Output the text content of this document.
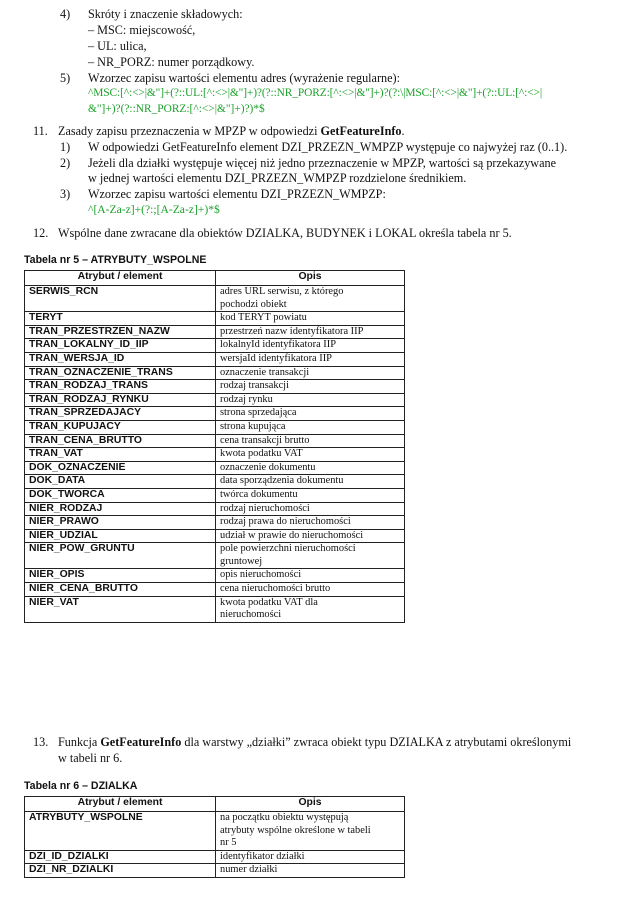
4) Skróty i znaczenie składowych:
– MSC: miejscowość,
– UL: ulica,
– NR_PORZ: numer porządkowy.
5) Wzorzec zapisu wartości elementu adres (wyrażenie regularne):
^MSC:[^:<>|&"]+(?::UL:[^:<>|&"]+)?(?::NR_PORZ:[^:<>|&"]+)?(?:\|MSC:[^:<>|&"]+(?::UL:[^:<>|
&"]+)?(?::NR_PORZ:[^:<>|&"]+)?)*$
11. Zasady zapisu przeznaczenia w MPZP w odpowiedzi GetFeatureInfo.
1) W odpowiedzi GetFeatureInfo element DZI_PRZEZN_WMPZP występuje co najwyżej raz (0..1).
2) Jeżeli dla działki występuje więcej niż jedno przeznaczenie w MPZP, wartości są przekazywane
w jednej wartości elementu DZI_PRZEZN_WMPZP rozdzielone średnikiem.
3) Wzorzec zapisu wartości elementu DZI_PRZEZN_WMPZP:
^[A-Za-z]+(?:;[A-Za-z]+)*$
12. Wspólne dane zwracane dla obiektów DZIALKA, BUDYNEK i LOKAL określa tabela nr 5.
Tabela nr 5 – ATRYBUTY_WSPOLNE
Atrybut / element	Opis
SERWIS_RCN	adres URL serwisu, z którego
pochodzi obiekt
TERYT	kod TERYT powiatu
TRAN_PRZESTRZEN_NAZW	przestrzeń nazw identyfikatora IIP
TRAN_LOKALNY_ID_IIP	lokalnyId identyfikatora IIP
TRAN_WERSJA_ID	wersjaId identyfikatora IIP
TRAN_OZNACZENIE_TRANS	oznaczenie transakcji
TRAN_RODZAJ_TRANS	rodzaj transakcji
TRAN_RODZAJ_RYNKU	rodzaj rynku
TRAN_SPRZEDAJACY	strona sprzedająca
TRAN_KUPUJACY	strona kupująca
TRAN_CENA_BRUTTO	cena transakcji brutto
TRAN_VAT	kwota podatku VAT
DOK_OZNACZENIE	oznaczenie dokumentu
DOK_DATA	data sporządzenia dokumentu
DOK_TWORCA	twórca dokumentu
NIER_RODZAJ	rodzaj nieruchomości
NIER_PRAWO	rodzaj prawa do nieruchomości
NIER_UDZIAL	udział w prawie do nieruchomości
NIER_POW_GRUNTU	pole powierzchni nieruchomości
gruntowej
NIER_OPIS	opis nieruchomości
NIER_CENA_BRUTTO	cena nieruchomości brutto
NIER_VAT	kwota podatku VAT dla
nieruchomości
13. Funkcja GetFeatureInfo dla warstwy „działki” zwraca obiekt typu DZIALKA z atrybutami określonymi
w tabeli nr 6.
Tabela nr 6 – DZIALKA
Atrybut / element	Opis
ATRYBUTY_WSPOLNE	na początku obiektu występują
atrybuty wspólne określone w tabeli
nr 5
DZI_ID_DZIALKI	identyfikator działki
DZI_NR_DZIALKI	numer działki
